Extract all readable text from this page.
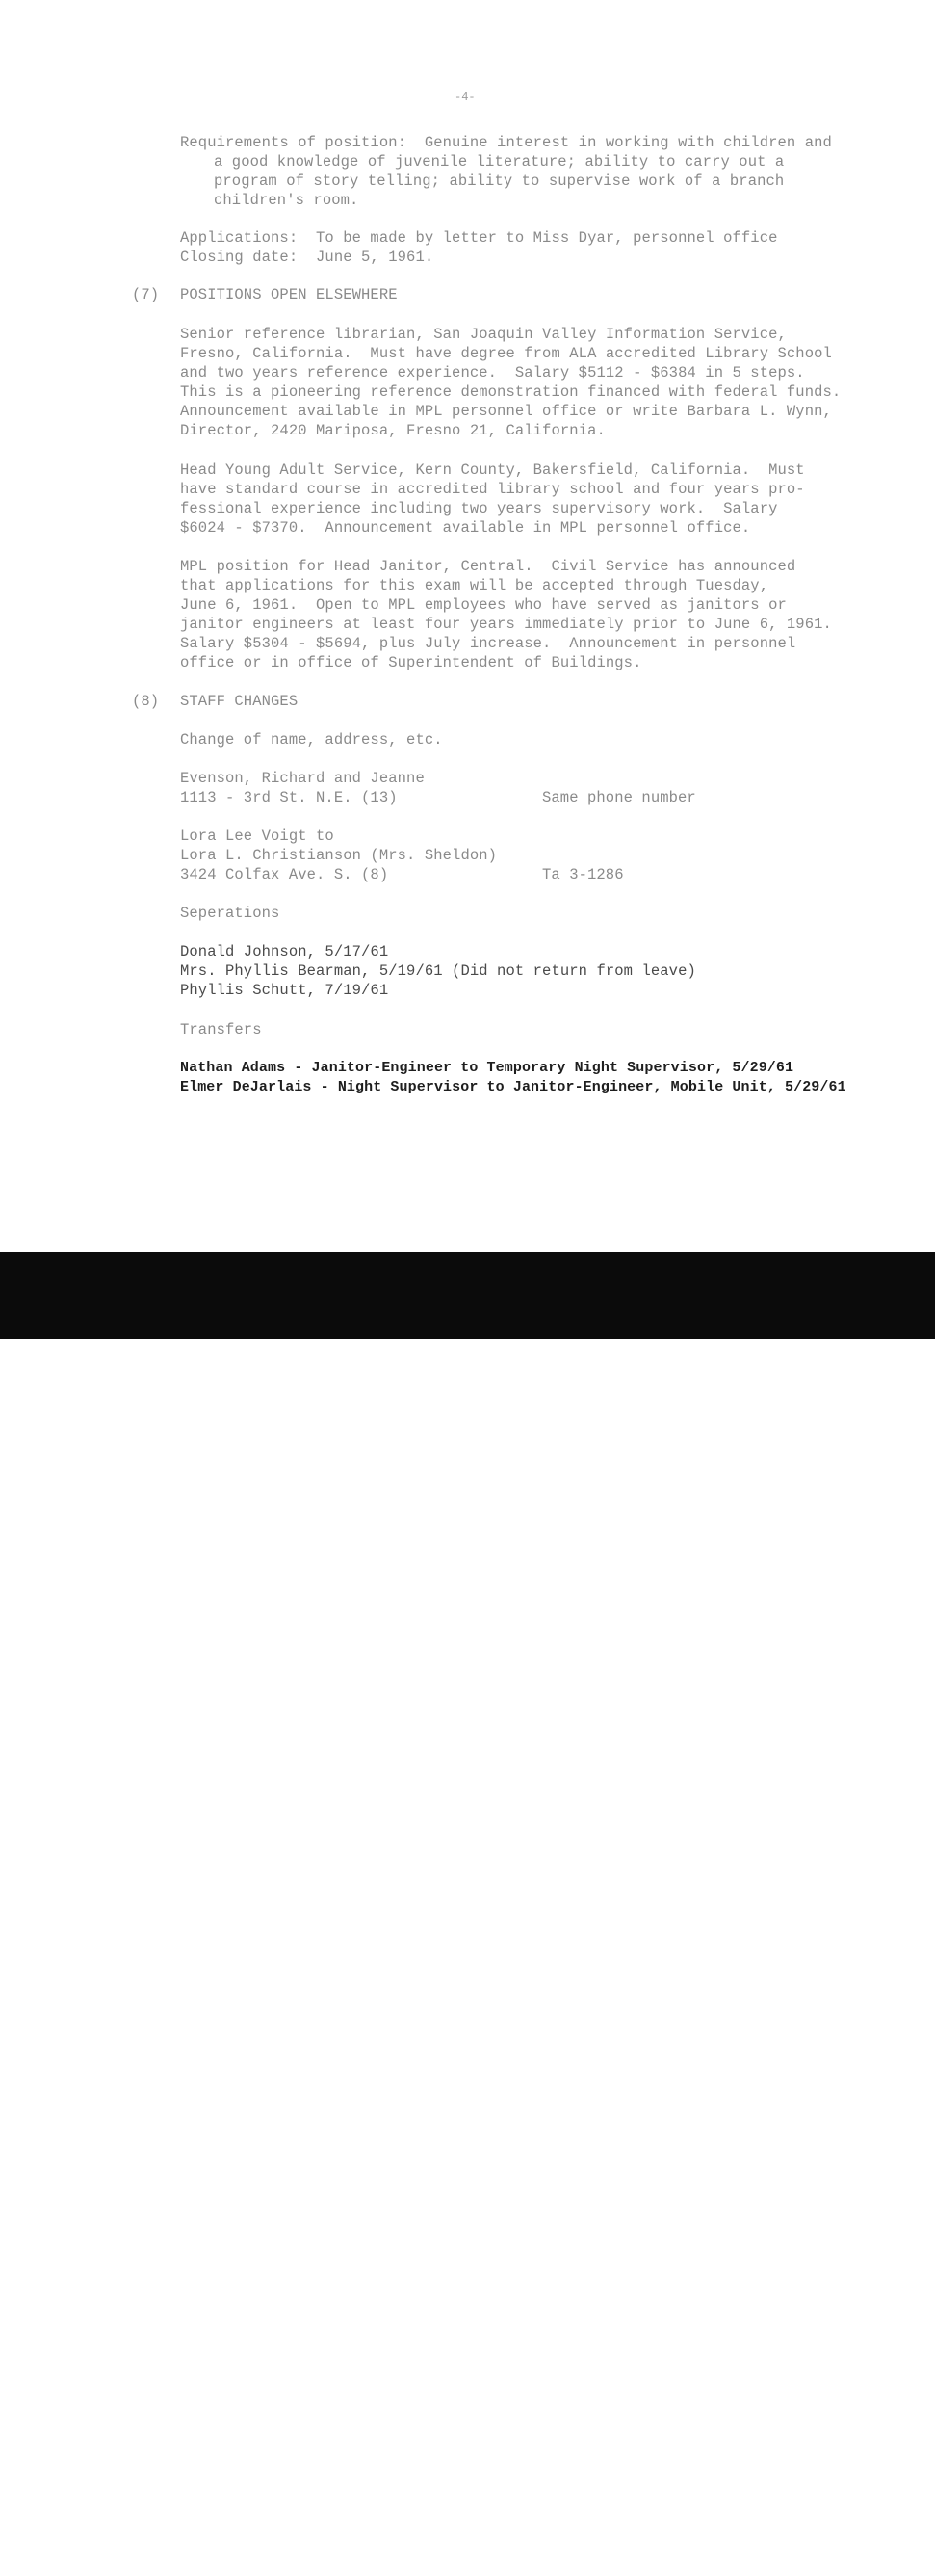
-4-
Requirements of position:  Genuine interest in working with children and
a good knowledge of juvenile literature; ability to carry out a
program of story telling; ability to supervise work of a branch
children's room.
Applications:  To be made by letter to Miss Dyar, personnel office
Closing date:  June 5, 1961.
(7) POSITIONS OPEN ELSEWHERE
Senior reference librarian, San Joaquin Valley Information Service,
Fresno, California.  Must have degree from ALA accredited Library School
and two years reference experience.  Salary $5112 - $6384 in 5 steps.
This is a pioneering reference demonstration financed with federal funds.
Announcement available in MPL personnel office or write Barbara L. Wynn,
Director, 2420 Mariposa, Fresno 21, California.
Head Young Adult Service, Kern County, Bakersfield, California.  Must
have standard course in accredited library school and four years pro-
fessional experience including two years supervisory work.  Salary
$6024 - $7370.  Announcement available in MPL personnel office.
MPL position for Head Janitor, Central.  Civil Service has announced
that applications for this exam will be accepted through Tuesday,
June 6, 1961.  Open to MPL employees who have served as janitors or
janitor engineers at least four years immediately prior to June 6, 1961.
Salary $5304 - $5694, plus July increase.  Announcement in personnel
office or in office of Superintendent of Buildings.
(8) STAFF CHANGES
Change of name, address, etc.
Evenson, Richard and Jeanne
1113 - 3rd St. N.E. (13)	Same phone number
Lora Lee Voigt to
Lora L. Christianson (Mrs. Sheldon)
3424 Colfax Ave. S. (8)	Ta 3-1286
Seperations
Donald Johnson, 5/17/61
Mrs. Phyllis Bearman, 5/19/61 (Did not return from leave)
Phyllis Schutt, 7/19/61
Transfers
Nathan Adams - Janitor-Engineer to Temporary Night Supervisor, 5/29/61
Elmer DeJarlais - Night Supervisor to Janitor-Engineer, Mobile Unit, 5/29/61
alamy	3ACPCT2
www.alamy.com
